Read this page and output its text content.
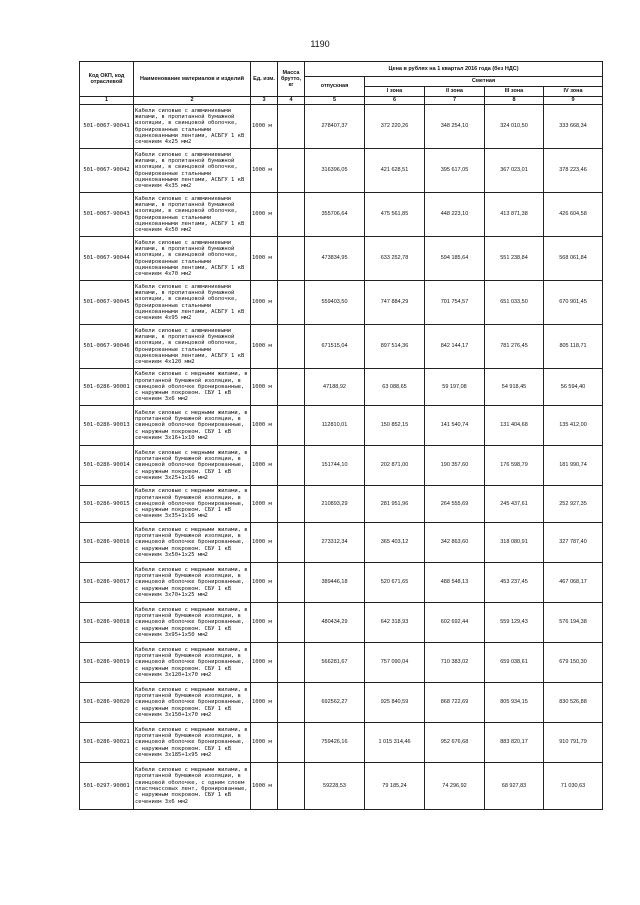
1190
Код ОКП, код отраслевой	Наименование материалов и изделий	Ед. изм.	Масса брутто, кг	Цена в рублях на 1 квартал 2016 года (без НДС)				
				отпускная	Сметная			
					I зона	II зона	III зона	IV зона
1	2	3	4	5	6	7	8	9
501-0067-90041	Кабели силовые с алюминиевыми жилами, в пропитанной бумажной изоляции, в свинцовой оболочке, бронированные стальными оцинкованными лентами, АСБГУ 1 кВ сечением 4х25 мм2	1000 м		278407,37	372 220,26	348 254,10	324 010,50	333 668,34
501-0067-90042	Кабели силовые с алюминиевыми жилами, в пропитанной бумажной изоляции, в свинцовой оболочке, бронированные стальными оцинкованными лентами, АСБГУ 1 кВ сечением 4х35 мм2	1000 м		316396,05	421 628,51	395 617,05	367 023,01	378 223,46
501-0067-90043	Кабели силовые с алюминиевыми жилами, в пропитанной бумажной изоляции, в свинцовой оболочке, бронированные стальными оцинкованными лентами, АСБГУ 1 кВ сечением 4х50 мм2	1000 м		355706,64	475 561,85	448 223,10	413 871,38	426 604,58
501-0067-90044	Кабели силовые с алюминиевыми жилами, в пропитанной бумажной изоляции, в свинцовой оболочке, бронированные стальными оцинкованными лентами, АСБГУ 1 кВ сечением 4х70 мм2	1000 м		473834,95	633 252,78	594 185,64	551 238,84	568 061,84
501-0067-90045	Кабели силовые с алюминиевыми жилами, в пропитанной бумажной изоляции, в свинцовой оболочке, бронированные стальными оцинкованными лентами, АСБГУ 1 кВ сечением 4х95 мм2	1000 м		559403,50	747 884,29	701 754,57	651 033,50	670 901,45
501-0067-90046	Кабели силовые с алюминиевыми жилами, в пропитанной бумажной изоляции, в свинцовой оболочке, бронированные стальными оцинкованными лентами, АСБГУ 1 кВ сечением 4х120 мм2	1000 м		671515,04	897 514,36	842 144,17	781 276,45	805 118,71
501-0286-90001	Кабели силовые с медными жилами, в пропитанной бумажной изоляции, в свинцовой оболочке бронированные, с наружным покровом. СБУ 1 кВ сечением 3х6 мм2	1000 м		47188,92	63 088,65	59 197,08	54 918,45	56 594,40
501-0286-90013	Кабели силовые с медными жилами, в пропитанной бумажной изоляции, в свинцовой оболочке бронированные, с наружным покровом. СБУ 1 кВ сечением 3х16+1х10 мм2	1000 м		112810,01	150 852,15	141 540,74	131 404,68	135 412,00
501-0286-90014	Кабели силовые с медными жилами, в пропитанной бумажной изоляции, в свинцовой оболочке бронированные, с наружным покровом. СБУ 1 кВ сечением 3х25+1х16 мм2	1000 м		151744,10	202 871,00	190 357,60	176 598,79	181 990,74
501-0286-90015	Кабели силовые с медными жилами, в пропитанной бумажной изоляции, в свинцовой оболочке бронированные, с наружным покровом. СБУ 1 кВ сечением 3х35+1х16 мм2	1000 м		210893,29	281 951,96	264 555,69	245 437,61	252 927,35
501-0286-90016	Кабели силовые с медными жилами, в пропитанной бумажной изоляции, в свинцовой оболочке бронированные, с наружным покровом. СБУ 1 кВ сечением 3х50+1х25 мм2	1000 м		273312,34	365 403,12	342 863,60	318 080,91	327 787,40
501-0286-90017	Кабели силовые с медными жилами, в пропитанной бумажной изоляции, в свинцовой оболочке бронированные, с наружным покровом. СБУ 1 кВ сечением 3х70+1х25 мм2	1000 м		389446,18	520 671,65	488 548,13	453 237,45	467 068,17
501-0286-90018	Кабели силовые с медными жилами, в пропитанной бумажной изоляции, в свинцовой оболочке бронированные, с наружным покровом. СБУ 1 кВ сечением 3х95+1х50 мм2	1000 м		480434,29	642 318,93	602 692,44	559 129,43	576 194,38
501-0286-90019	Кабели силовые с медными жилами, в пропитанной бумажной изоляции, в свинцовой оболочке бронированные, с наружным покровом. СБУ 1 кВ сечением 3х120+1х70 мм2	1000 м		566281,67	757 090,04	710 383,02	659 038,61	679 150,30
501-0286-90020	Кабели силовые с медными жилами, в пропитанной бумажной изоляции, в свинцовой оболочке бронированные, с наружным покровом. СБУ 1 кВ сечением 3х150+1х70 мм2	1000 м		692562,27	925 840,59	868 722,69	805 934,15	830 526,88
501-0286-90021	Кабели силовые с медными жилами, в пропитанной бумажной изоляции, в свинцовой оболочке бронированные, с наружным покровом. СБУ 1 кВ сечением 3х185+1х95 мм2	1000 м		759426,16	1 015 314,46	952 676,68	883 820,17	910 791,79
501-0297-90001	Кабели силовые с медными жилами, в пропитанной бумажной изоляции, в свинцовой оболочке, с одним слоем пластмассовых лент, бронированные, с наружным покровом. СБУ 1 кВ сечением 3х6 мм2	1000 м		59228,53	79 185,24	74 296,92	68 927,83	71 030,63
